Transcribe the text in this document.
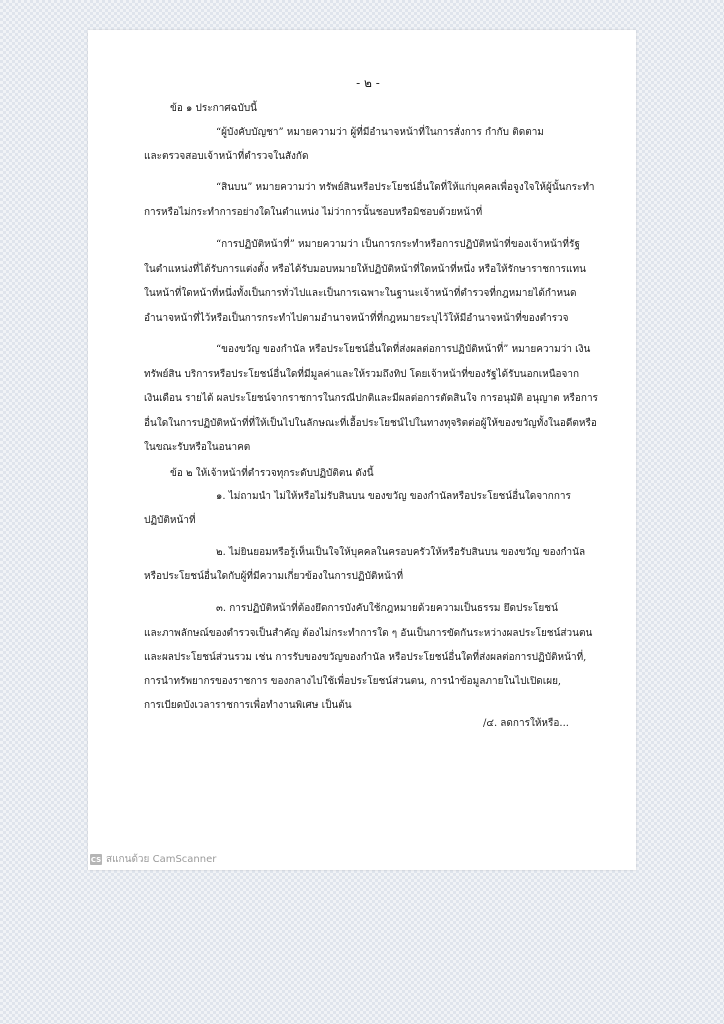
- ๒ -
ข้อ ๑ ประกาศฉบับนี้
“ผู้บังคับบัญชา” หมายความว่า ผู้ที่มีอำนาจหน้าที่ในการสั่งการ กำกับ ติดตาม
และตรวจสอบเจ้าหน้าที่ตำรวจในสังกัด
“สินบน” หมายความว่า ทรัพย์สินหรือประโยชน์อื่นใดที่ให้แก่บุคคลเพื่อจูงใจให้ผู้นั้นกระทำ
การหรือไม่กระทำการอย่างใดในตำแหน่ง ไม่ว่าการนั้นชอบหรือมิชอบด้วยหน้าที่
“การปฏิบัติหน้าที่” หมายความว่า เป็นการกระทำหรือการปฏิบัติหน้าที่ของเจ้าหน้าที่รัฐ
ในตำแหน่งที่ได้รับการแต่งตั้ง หรือได้รับมอบหมายให้ปฏิบัติหน้าที่ใดหน้าที่หนึ่ง หรือให้รักษาราชการแทน
ในหน้าที่ใดหน้าที่หนึ่งทั้งเป็นการทั่วไปและเป็นการเฉพาะในฐานะเจ้าหน้าที่ตำรวจที่กฎหมายได้กำหนด
อำนาจหน้าที่ไว้หรือเป็นการกระทำไปตามอำนาจหน้าที่ที่กฎหมายระบุไว้ให้มีอำนาจหน้าที่ของตำรวจ
“ของขวัญ ของกำนัล หรือประโยชน์อื่นใดที่ส่งผลต่อการปฏิบัติหน้าที่” หมายความว่า เงิน
ทรัพย์สิน บริการหรือประโยชน์อื่นใดที่มีมูลค่าและให้รวมถึงทิป โดยเจ้าหน้าที่ของรัฐได้รับนอกเหนือจาก
เงินเดือน รายได้ ผลประโยชน์จากราชการในกรณีปกติและมีผลต่อการตัดสินใจ การอนุมัติ อนุญาต หรือการ
อื่นใดในการปฏิบัติหน้าที่ที่ให้เป็นไปในลักษณะที่เอื้อประโยชน์ไปในทางทุจริตต่อผู้ให้ของขวัญทั้งในอดีตหรือ
ในขณะรับหรือในอนาคต
ข้อ ๒ ให้เจ้าหน้าที่ตำรวจทุกระดับปฏิบัติตน ดังนี้
๑. ไม่ถามนำ ไม่ให้หรือไม่รับสินบน ของขวัญ ของกำนัลหรือประโยชน์อื่นใดจากการ
ปฏิบัติหน้าที่
๒. ไม่ยินยอมหรือรู้เห็นเป็นใจให้บุคคลในครอบครัวให้หรือรับสินบน ของขวัญ ของกำนัล
หรือประโยชน์อื่นใดกับผู้ที่มีความเกี่ยวข้องในการปฏิบัติหน้าที่
๓. การปฏิบัติหน้าที่ต้องยึดการบังคับใช้กฎหมายด้วยความเป็นธรรม ยึดประโยชน์
และภาพลักษณ์ของตำรวจเป็นสำคัญ ต้องไม่กระทำการใด ๆ อันเป็นการขัดกันระหว่างผลประโยชน์ส่วนตน
และผลประโยชน์ส่วนรวม เช่น การรับของขวัญของกำนัล หรือประโยชน์อื่นใดที่ส่งผลต่อการปฏิบัติหน้าที่,
การนำทรัพยากรของราชการ ของกลางไปใช้เพื่อประโยชน์ส่วนตน, การนำข้อมูลภายในไปเปิดเผย,
การเบียดบังเวลาราชการเพื่อทำงานพิเศษ เป็นต้น
/๔. ลดการให้หรือ...
CS สแกนด้วย CamScanner
